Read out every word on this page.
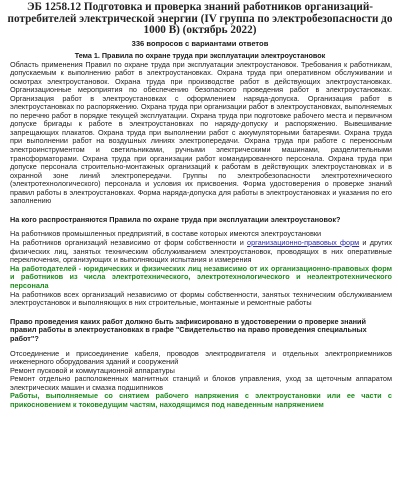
ЭБ 1258.12 Подготовка и проверка знаний работников организаций-потребителей электрической энергии (IV группа по электробезопасности до 1000 В) (октябрь 2022)
336 вопросов с вариантами ответов
Тема 1. Правила по охране труда при эксплуатации электроустановок
Область применения Правил по охране труда при эксплуатации электроустановок. Требования к работникам, допускаемым к выполнению работ в электроустановках. Охрана труда при оперативном обслуживании и осмотрах электроустановок. Охрана труда при производстве работ в действующих электроустановках. Организационные мероприятия по обеспечению безопасного проведения работ в электроустановках. Организация работ в электроустановках с оформлением наряда-допуска. Организация работ в электроустановках по распоряжению. Охрана труда при организации работ в электроустановках, выполняемых по перечню работ в порядке текущей эксплуатации. Охрана труда при подготовке рабочего места и первичном допуске бригады к работе в электроустановках по наряду-допуску и распоряжению. Вывешивание запрещающих плакатов. Охрана труда при выполнении работ с аккумуляторными батареями. Охрана труда при выполнении работ на воздушных линиях электропередачи. Охрана труда при работе с переносным электроинструментом и светильниками, ручными электрическими машинами, разделительными трансформаторами. Охрана труда при организации работ командированного персонала. Охрана труда при допуске персонала строительно-монтажных организаций к работам в действующих электроустановках и в охранной зоне линий электропередачи. Группы по электробезопасности электротехнического (электротехнологического) персонала и условия их присвоения. Форма удостоверения о проверке знаний правил работы в электроустановках. Форма наряда-допуска для работы в электроустановках и указания по его заполнению
На кого распространяются Правила по охране труда при эксплуатации электроустановок?
На работников промышленных предприятий, в составе которых имеются электроустановки
На работников организаций независимо от форм собственности и организационно-правовых форм и других физических лиц, занятых техническим обслуживанием электроустановок, проводящих в них оперативные переключения, организующих и выполняющих испытания и измерения
На работодателей - юридических и физических лиц независимо от их организационно-правовых форм и работников из числа электротехнического, электротехнологического и неэлектротехнического персонала
На работников всех организаций независимо от формы собственности, занятых техническим обслуживанием электроустановок и выполняющих в них строительные, монтажные и ремонтные работы
Право проведения каких работ должно быть зафиксировано в удостоверении о проверке знаний правил работы в электроустановках в графе "Свидетельство на право проведения специальных работ"?
Отсоединение и присоединение кабеля, проводов электродвигателя и отдельных электроприемников инженерного оборудования зданий и сооружений
Ремонт пусковой и коммутационной аппаратуры
Ремонт отдельно расположенных магнитных станций и блоков управления, уход за щеточным аппаратом электрических машин и смазка подшипников
Работы, выполняемые со снятием рабочего напряжения с электроустановки или ее части с прикосновением к токоведущим частям, находящимся под наведенным напряжением
